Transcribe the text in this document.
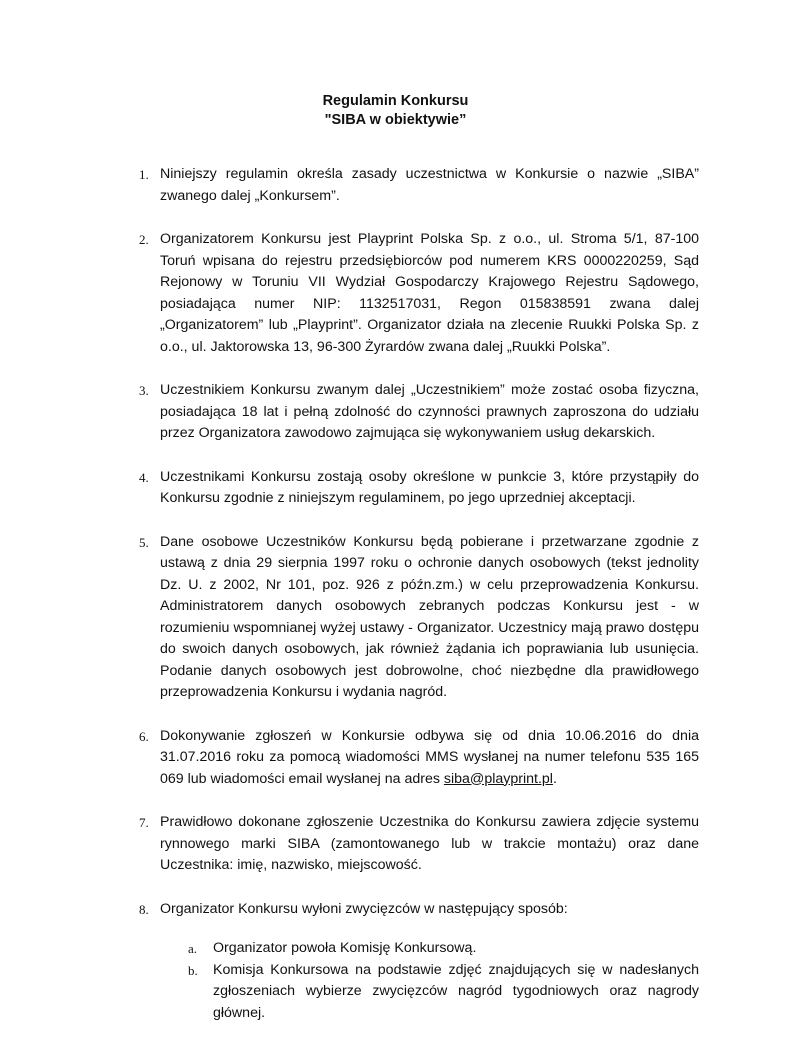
Regulamin Konkursu
"SIBA w obiektywie”
1. Niniejszy regulamin określa zasady uczestnictwa w Konkursie o nazwie „SIBA” zwanego dalej „Konkursem”.
2. Organizatorem Konkursu jest Playprint Polska Sp. z o.o., ul. Stroma 5/1, 87-100 Toruń wpisana do rejestru przedsiębiorców pod numerem KRS 0000220259, Sąd Rejonowy w Toruniu VII Wydział Gospodarczy Krajowego Rejestru Sądowego, posiadająca numer NIP: 1132517031, Regon 015838591 zwana dalej „Organizatorem” lub „Playprint”. Organizator działa na zlecenie Ruukki Polska Sp. z o.o., ul. Jaktorowska 13, 96-300 Żyrardów zwana dalej „Ruukki Polska”.
3. Uczestnikiem Konkursu zwanym dalej „Uczestnikiem” może zostać osoba fizyczna, posiadająca 18 lat i pełną zdolność do czynności prawnych zaproszona do udziału przez Organizatora zawodowo zajmująca się wykonywaniem usług dekarskich.
4. Uczestnikami Konkursu zostają osoby określone w punkcie 3, które przystąpiły do Konkursu zgodnie z niniejszym regulaminem, po jego uprzedniej akceptacji.
5. Dane osobowe Uczestników Konkursu będą pobierane i przetwarzane zgodnie z ustawą z dnia 29 sierpnia 1997 roku o ochronie danych osobowych (tekst jednolity Dz. U. z 2002, Nr 101, poz. 926 z późn.zm.) w celu przeprowadzenia Konkursu. Administratorem danych osobowych zebranych podczas Konkursu jest - w rozumieniu wspomnianej wyżej ustawy - Organizator. Uczestnicy mają prawo dostępu do swoich danych osobowych, jak również żądania ich poprawiania lub usunięcia. Podanie danych osobowych jest dobrowolne, choć niezbędne dla prawidłowego przeprowadzenia Konkursu i wydania nagród.
6. Dokonywanie zgłoszeń w Konkursie odbywa się od dnia 10.06.2016 do dnia 31.07.2016 roku za pomocą wiadomości MMS wysłanej na numer telefonu 535 165 069 lub wiadomości email wysłanej na adres siba@playprint.pl.
7. Prawidłowo dokonane zgłoszenie Uczestnika do Konkursu zawiera zdjęcie systemu rynnowego marki SIBA (zamontowanego lub w trakcie montażu) oraz dane Uczestnika: imię, nazwisko, miejscowość.
8. Organizator Konkursu wyłoni zwycięzców w następujący sposób:
a. Organizator powoła Komisję Konkursową.
b. Komisja Konkursowa na podstawie zdjęć znajdujących się w nadesłanych zgłoszeniach wybierze zwycięzców nagród tygodniowych oraz nagrody głównej.
